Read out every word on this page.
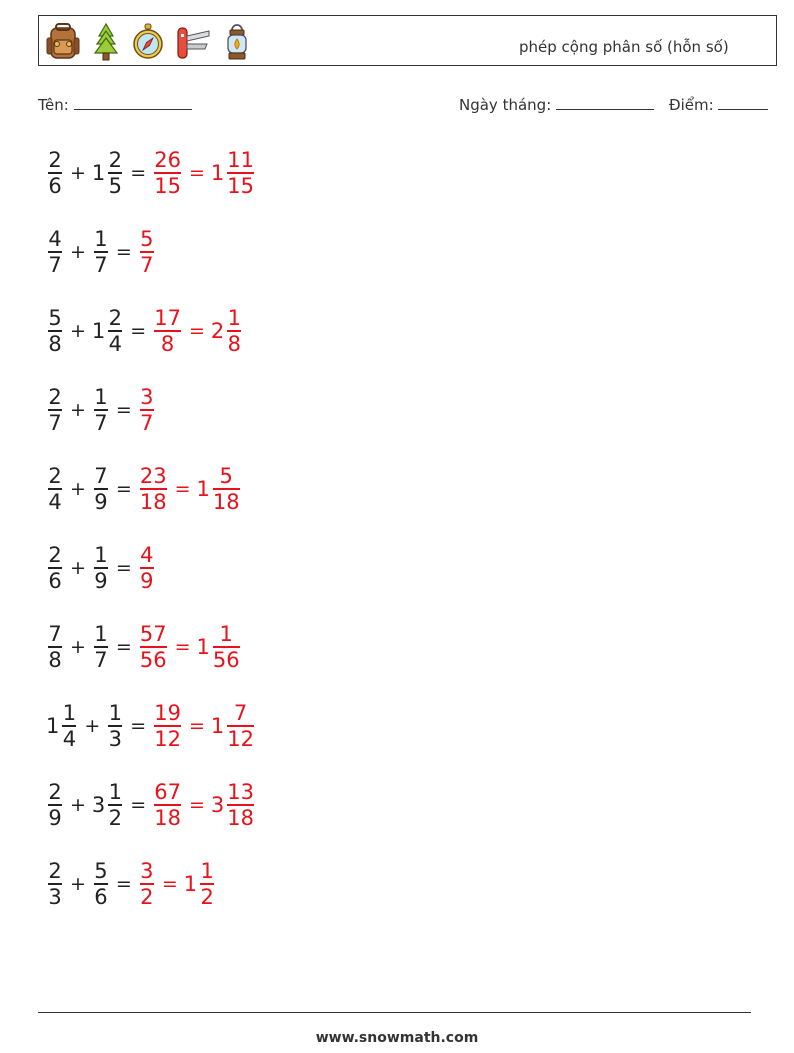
phép cộng phân số (hỗn số)
Tên:	Ngày tháng:	Điểm:
$\frac{2}{6} + 1 \frac{2}{5} = \frac{26}{15} = 1 \frac{11}{15}$
$\frac{4}{7} + \frac{1}{7} = \frac{5}{7}$
$\frac{5}{8} + 1 \frac{2}{4} = \frac{17}{8} = 2 \frac{1}{8}$
$\frac{2}{7} + \frac{1}{7} = \frac{3}{7}$
$\frac{2}{4} + \frac{7}{9} = \frac{23}{18} = 1 \frac{5}{18}$
$\frac{2}{6} + \frac{1}{9} = \frac{4}{9}$
$\frac{7}{8} + \frac{1}{7} = \frac{57}{56} = 1 \frac{1}{56}$
$1 \frac{1}{4} + \frac{1}{3} = \frac{19}{12} = 1 \frac{7}{12}$
$\frac{2}{9} + 3 \frac{1}{2} = \frac{67}{18} = 3 \frac{13}{18}$
$\frac{2}{3} + \frac{5}{6} = \frac{3}{2} = 1 \frac{1}{2}$
www.snowmath.com
